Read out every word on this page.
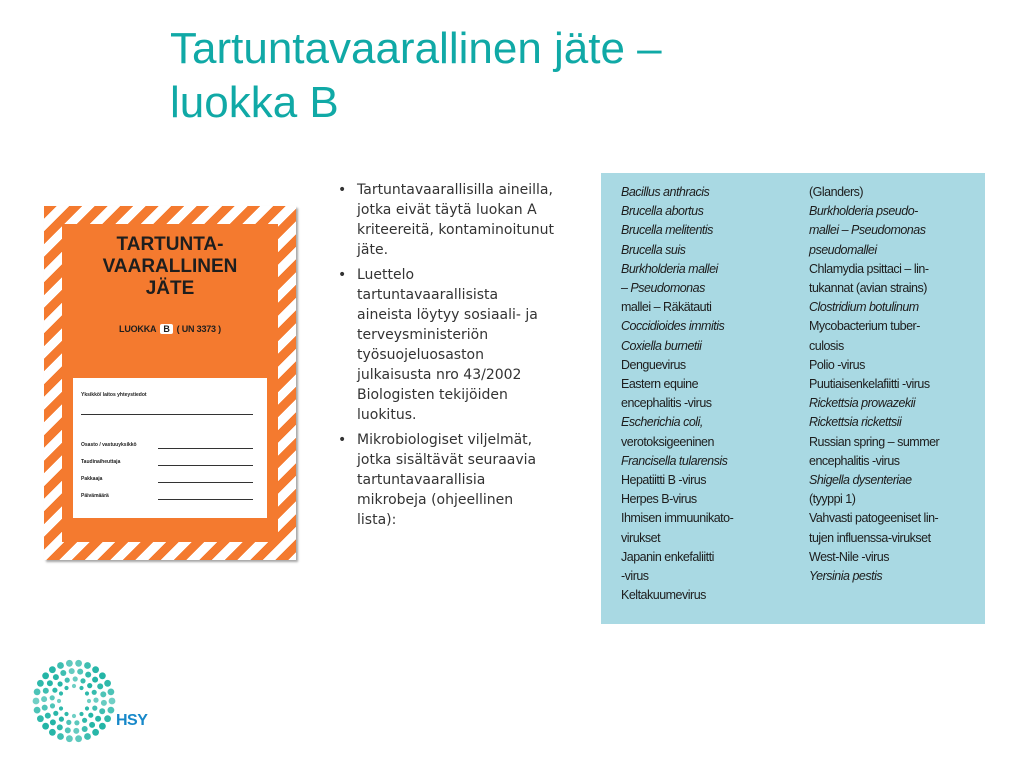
Tartuntavaarallinen jäte –
luokka B
TARTUNTA-
VAARALLINEN
JÄTE
LUOKKA B ( UN 3373 )
Yksikkö/ laitos yhteystiedot
Osasto / vastuuyksikkö
Taudinaiheuttaja
Pakkaaja
Päivämäärä
• Tartuntavaarallisilla aineilla, jotka eivät täytä luokan A kriteereitä, kontaminoitunut jäte.
• Luettelo tartuntavaarallisista aineista löytyy sosiaali- ja terveysministeriön työsuojeluosaston julkaisusta nro 43/2002 Biologisten tekijöiden luokitus.
• Mikrobiologiset viljelmät, jotka sisältävät seuraavia tartuntavaarallisia mikrobeja (ohjeellinen lista):
Bacillus anthracis
Brucella abortus
Brucella melitentis
Brucella suis
Burkholderia mallei
– Pseudomonas
mallei – Räkätauti
Coccidioides immitis
Coxiella burnetii
Denguevirus
Eastern equine
encephalitis -virus
Escherichia coli,
verotoksigeeninen
Francisella tularensis
Hepatiitti B -virus
Herpes B-virus
Ihmisen immuunikato-
virukset
Japanin enkefaliitti
-virus
Keltakuumevirus
(Glanders)
Burkholderia pseudo-
mallei – Pseudomonas
pseudomallei
Chlamydia psittaci – lin-
tukannat (avian strains)
Clostridium botulinum
Mycobacterium tuber-
culosis
Polio -virus
Puutiaisenkelafiitti -virus
Rickettsia prowazekii
Rickettsia rickettsii
Russian spring – summer
encephalitis -virus
Shigella dysenteriae
(tyyppi 1)
Vahvasti patogeeniset lin-
tujen influenssa-virukset
West-Nile -virus
Yersinia pestis
HSY
